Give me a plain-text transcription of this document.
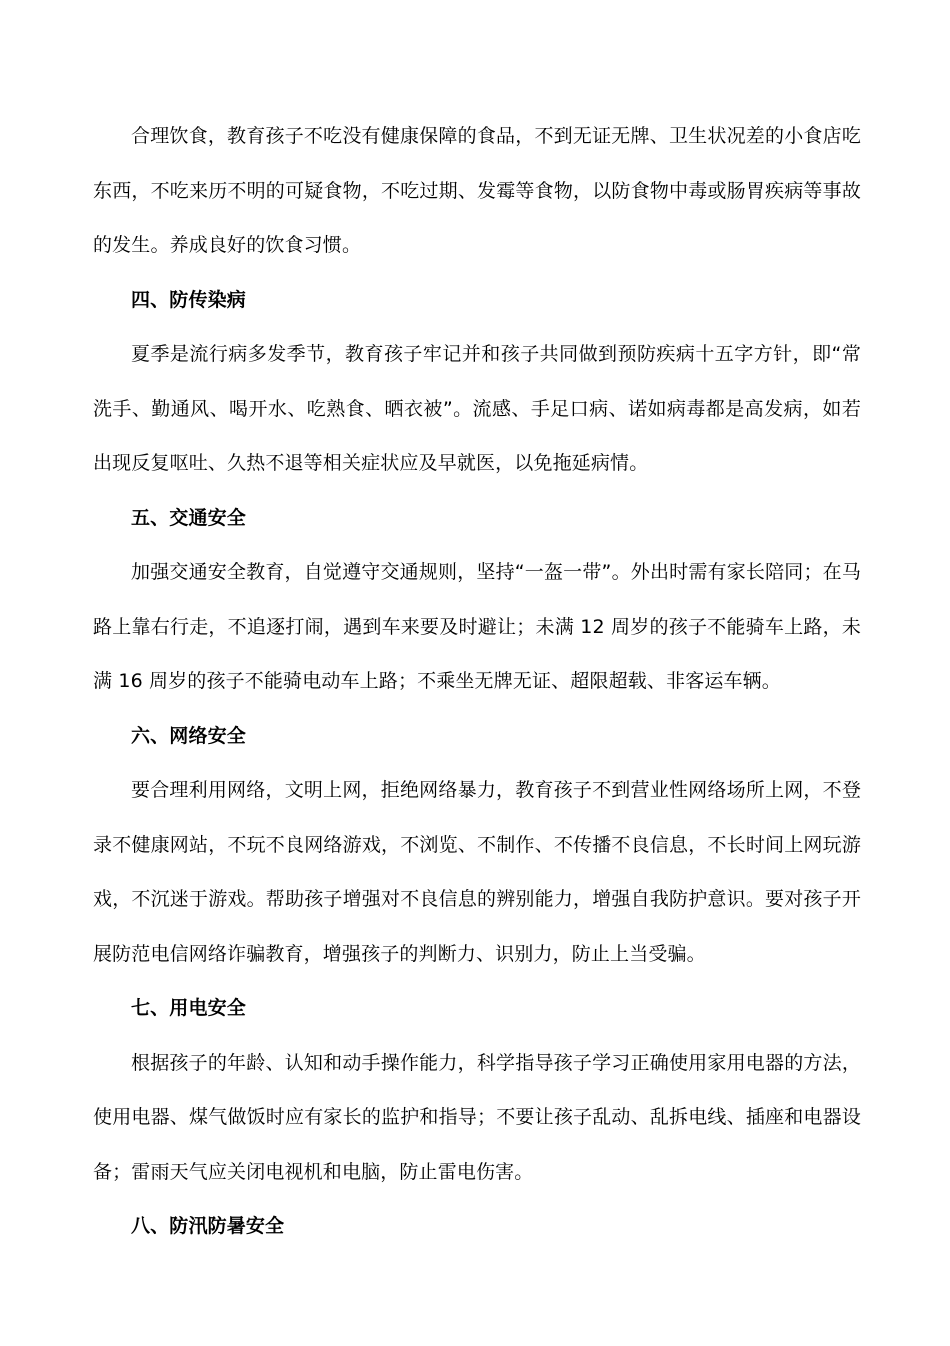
合理饮食，教育孩子不吃没有健康保障的食品，不到无证无牌、卫生状况差的小食店吃东西，不吃来历不明的可疑食物，不吃过期、发霉等食物，以防食物中毒或肠胃疾病等事故的发生。养成良好的饮食习惯。

四、防传染病

夏季是流行病多发季节，教育孩子牢记并和孩子共同做到预防疾病十五字方针，即“常洗手、勤通风、喝开水、吃熟食、晒衣被”。流感、手足口病、诺如病毒都是高发病，如若出现反复呕吐、久热不退等相关症状应及早就医，以免拖延病情。

五、交通安全

加强交通安全教育，自觉遵守交通规则，坚持“一盔一带”。外出时需有家长陪同；在马路上靠右行走，不追逐打闹，遇到车来要及时避让；未满 12 周岁的孩子不能骑车上路，未满 16 周岁的孩子不能骑电动车上路；不乘坐无牌无证、超限超载、非客运车辆。

六、网络安全

要合理利用网络，文明上网，拒绝网络暴力，教育孩子不到营业性网络场所上网，不登录不健康网站，不玩不良网络游戏，不浏览、不制作、不传播不良信息，不长时间上网玩游戏，不沉迷于游戏。帮助孩子增强对不良信息的辨别能力，增强自我防护意识。要对孩子开展防范电信网络诈骗教育，增强孩子的判断力、识别力，防止上当受骗。

七、用电安全

根据孩子的年龄、认知和动手操作能力，科学指导孩子学习正确使用家用电器的方法，使用电器、煤气做饭时应有家长的监护和指导；不要让孩子乱动、乱拆电线、插座和电器设备；雷雨天气应关闭电视机和电脑，防止雷电伤害。

八、防汛防暑安全
